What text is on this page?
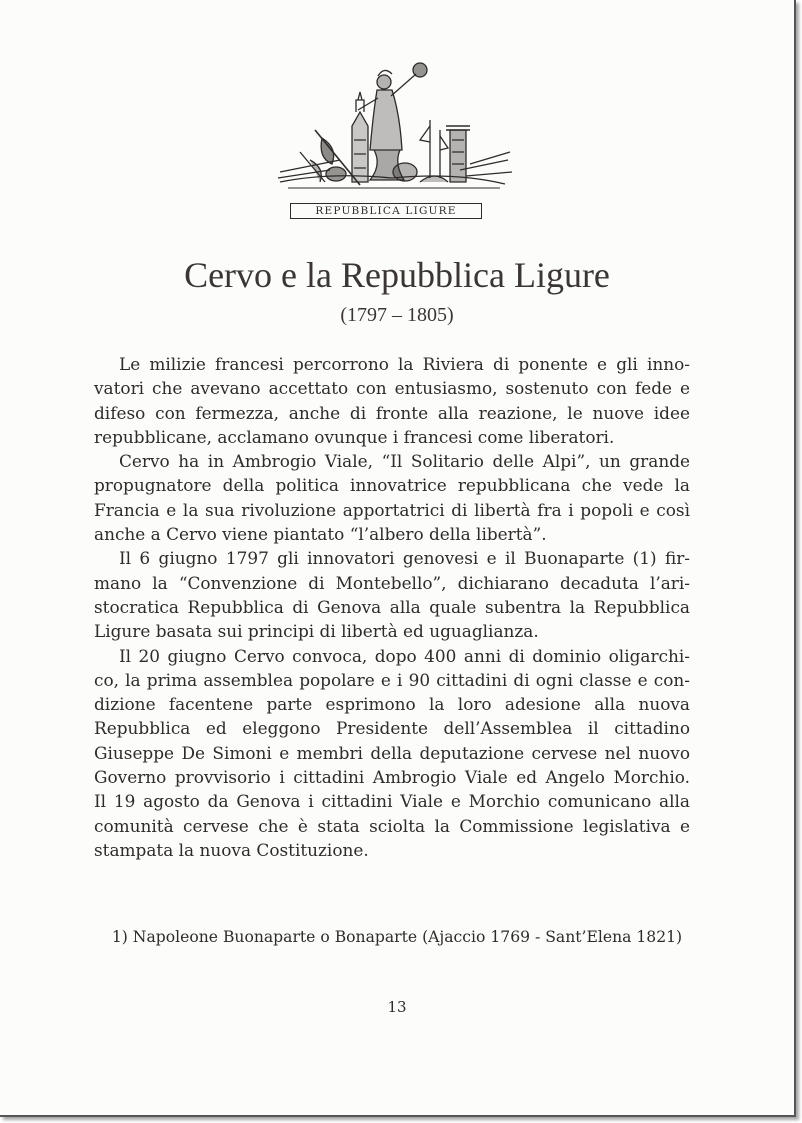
REPUBBLICA LIGURE
Cervo e la Repubblica Ligure
(1797 – 1805)
Le milizie francesi percorrono la Riviera di ponente e gli inno-
vatori che avevano accettato con entusiasmo, sostenuto con fede e
difeso con fermezza, anche di fronte alla reazione, le nuove idee
repubblicane, acclamano ovunque i francesi come liberatori.
Cervo ha in Ambrogio Viale, “Il Solitario delle Alpi”, un grande
propugnatore della politica innovatrice repubblicana che vede la
Francia e la sua rivoluzione apportatrici di libertà fra i popoli e così
anche a Cervo viene piantato “l’albero della libertà”.
Il 6 giugno 1797 gli innovatori genovesi e il Buonaparte (1) fir-
mano la “Convenzione di Montebello”, dichiarano decaduta l’ari-
stocratica Repubblica di Genova alla quale subentra la Repubblica
Ligure basata sui principi di libertà ed uguaglianza.
Il 20 giugno Cervo convoca, dopo 400 anni di dominio oligarchi-
co, la prima assemblea popolare e i 90 cittadini di ogni classe e con-
dizione facentene parte esprimono la loro adesione alla nuova
Repubblica ed eleggono Presidente dell’Assemblea il cittadino
Giuseppe De Simoni e membri della deputazione cervese nel nuovo
Governo provvisorio i cittadini Ambrogio Viale ed Angelo Morchio.
Il 19 agosto da Genova i cittadini Viale e Morchio comunicano alla
comunità cervese che è stata sciolta la Commissione legislativa e
stampata la nuova Costituzione.
1) Napoleone Buonaparte o Bonaparte (Ajaccio 1769 - Sant’Elena 1821)
13
